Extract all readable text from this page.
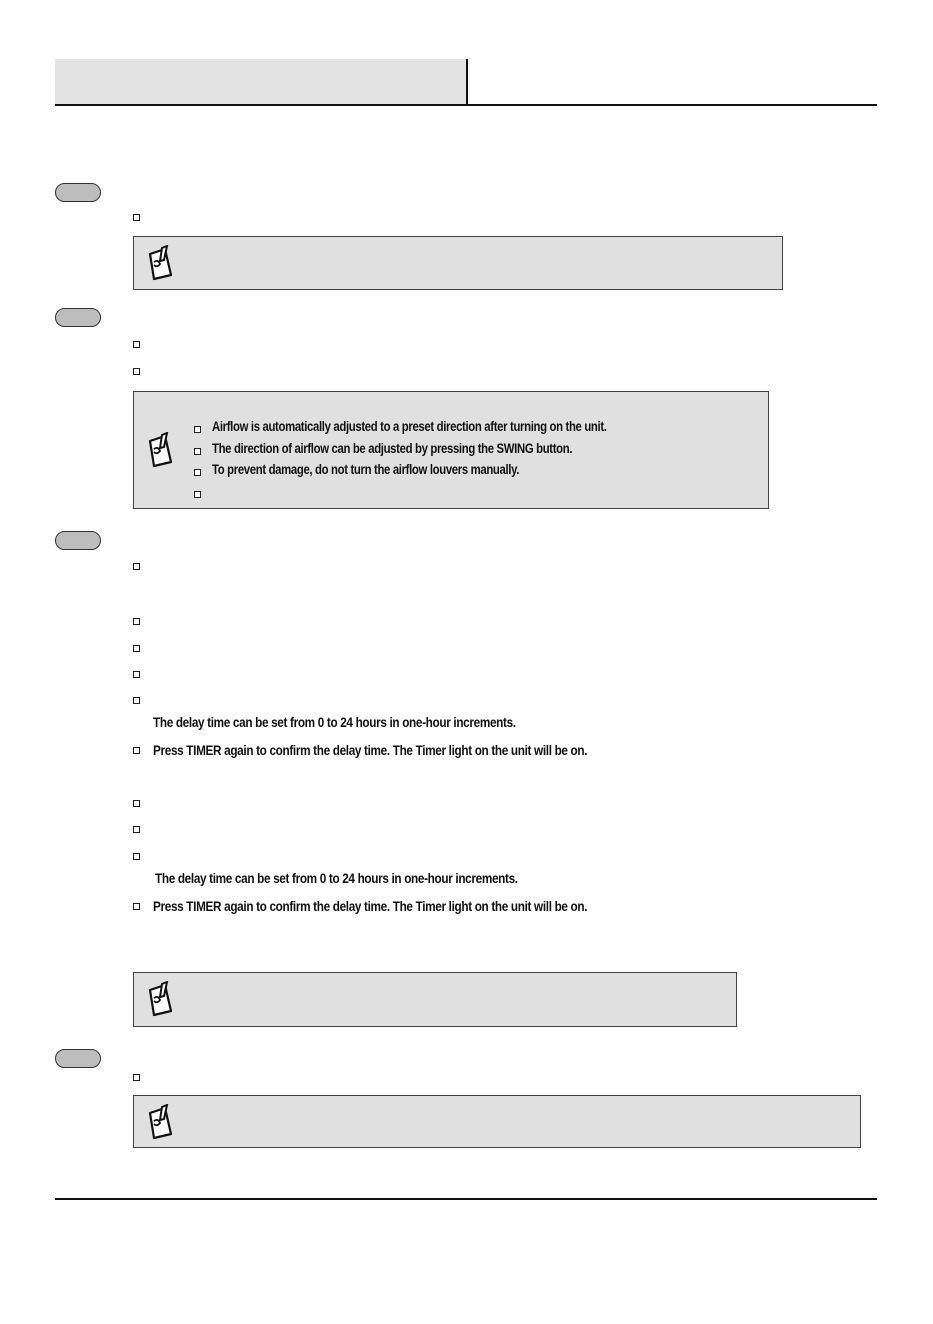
Airflow is automatically adjusted to a preset direction after turning on the unit.
The direction of airflow can be adjusted by pressing the SWING button.
To prevent damage, do not turn the airflow louvers manually.
The delay time can be set from 0 to 24 hours in one-hour increments.
Press TIMER again to confirm the delay time. The Timer light on the unit will be on.
The delay time can be set from 0 to 24 hours in one-hour increments.
Press TIMER again to confirm the delay time. The Timer light on the unit will be on.
